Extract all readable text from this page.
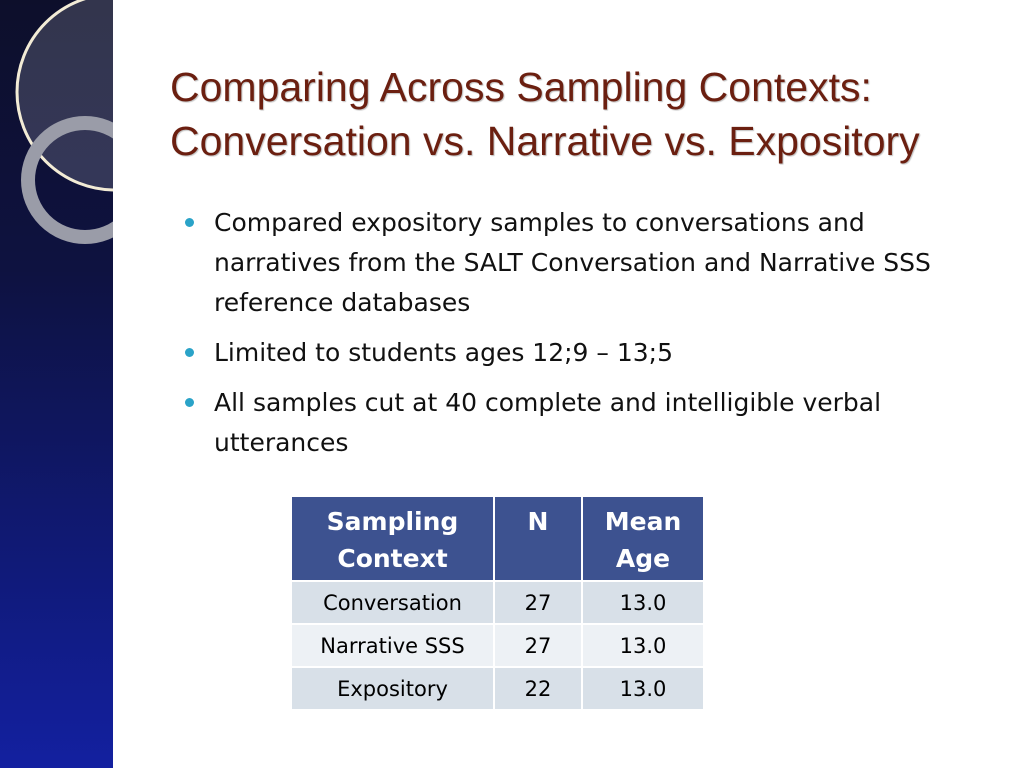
Comparing Across Sampling Contexts:
Conversation vs. Narrative vs. Expository
Compared expository samples to conversations and narratives from the SALT Conversation and Narrative SSS reference databases
Limited to students ages 12;9 – 13;5
All samples cut at 40 complete and intelligible verbal utterances
Sampling Context	N	Mean Age
Conversation	27	13.0
Narrative SSS	27	13.0
Expository	22	13.0
